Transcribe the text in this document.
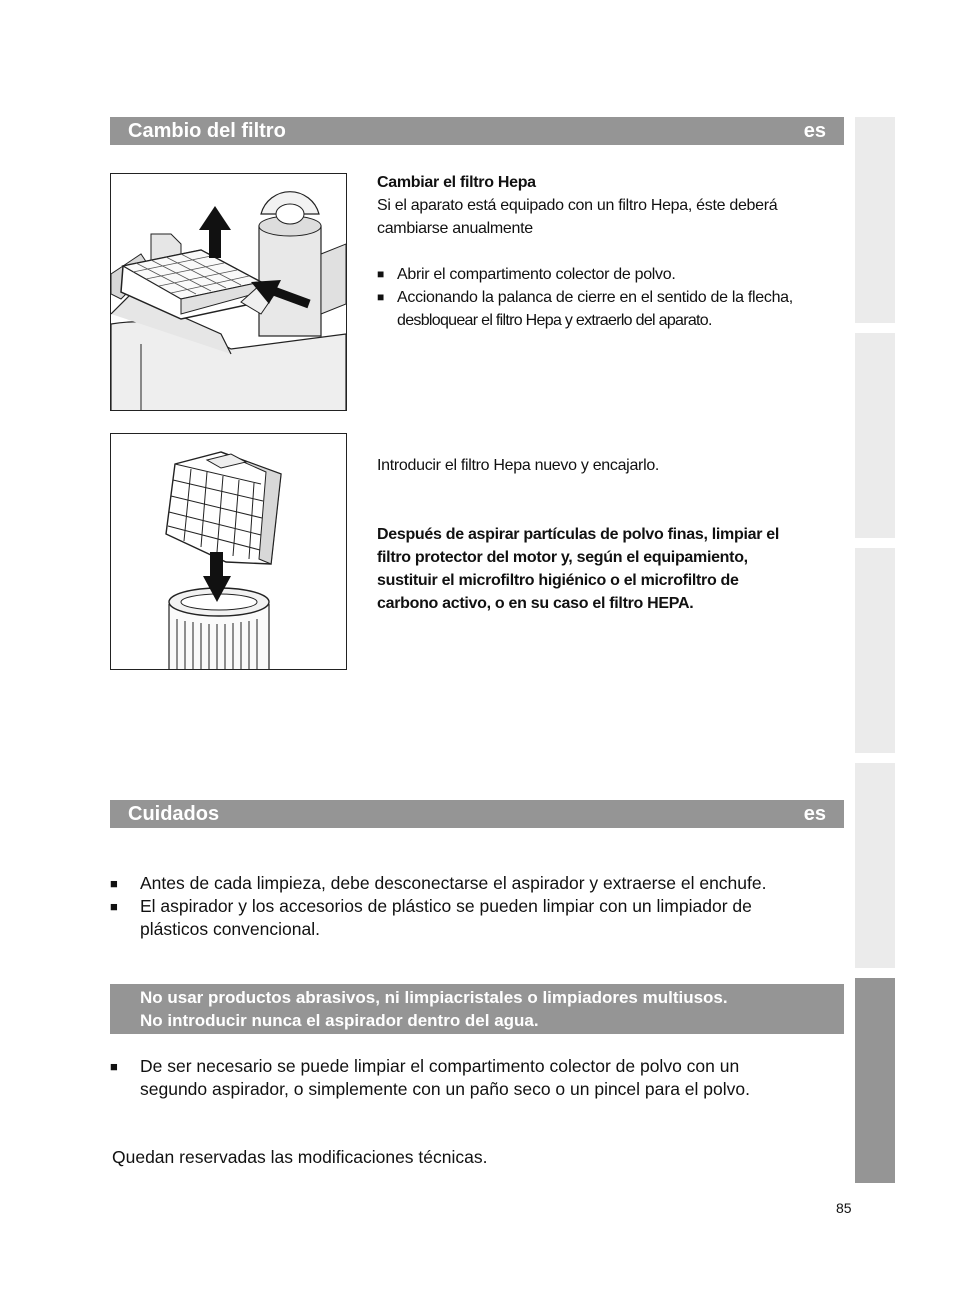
Cambio del filtro	es
Cambiar el filtro Hepa
Si el aparato está equipado con un filtro Hepa, éste deberá
cambiarse anualmente
■ Abrir el compartimento colector de polvo.
■ Accionando la palanca de cierre en el sentido de la flecha,
desbloquear el filtro Hepa y extraerlo del aparato.
Introducir el filtro Hepa nuevo y encajarlo.
Después de aspirar partículas de polvo finas, limpiar el
filtro protector del motor y, según el equipamiento,
sustituir el microfiltro higiénico o el microfiltro de
carbono activo, o en su caso el filtro HEPA.
Cuidados	es
■	Antes de cada limpieza, debe desconectarse el aspirador y extraerse el enchufe.
■	El aspirador y los accesorios de plástico se pueden limpiar con un limpiador de
plásticos convencional.
No usar productos abrasivos, ni limpiacristales o limpiadores multiusos.
No introducir nunca el aspirador dentro del agua.
■	De ser necesario se puede limpiar el compartimento colector de polvo con un
segundo aspirador, o simplemente con un paño seco o un pincel para el polvo.
Quedan reservadas las modificaciones técnicas.
85
